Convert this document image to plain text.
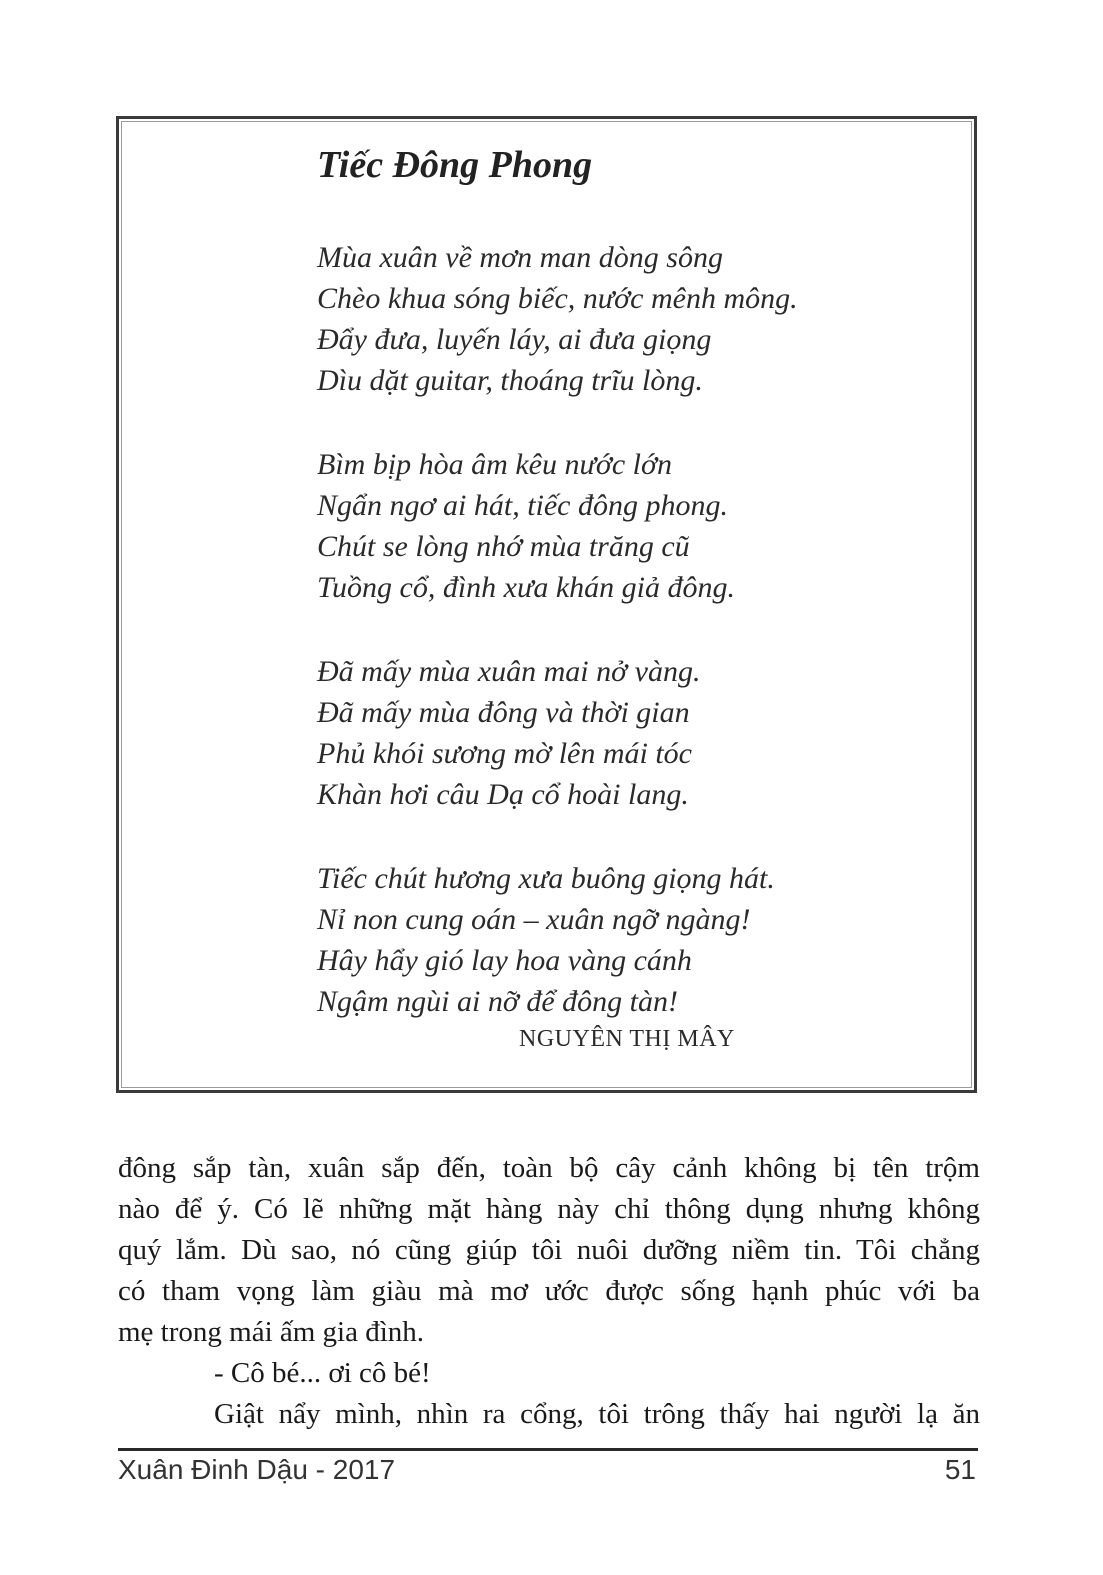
Tiếc Đông Phong
Mùa xuân về mơn man dòng sông
Chèo khua sóng biếc, nước mênh mông.
Đẩy đưa, luyến láy, ai đưa giọng
Dìu dặt guitar, thoáng trĩu lòng.
Bìm bịp hòa âm kêu nước lớn
Ngẩn ngơ ai hát, tiếc đông phong.
Chút se lòng nhớ mùa trăng cũ
Tuồng cổ, đình xưa khán giả đông.
Đã mấy mùa xuân mai nở vàng.
Đã mấy mùa đông và thời gian
Phủ khói sương mờ lên mái tóc
Khàn hơi câu Dạ cổ hoài lang.
Tiếc chút hương xưa buông giọng hát.
Nỉ non cung oán – xuân ngỡ ngàng!
Hây hẩy gió lay hoa vàng cánh
Ngậm ngùi ai nỡ để đông tàn!
NGUYÊN THỊ MÂY
đông sắp tàn, xuân sắp đến, toàn bộ cây cảnh không bị tên trộm
nào để ý. Có lẽ những mặt hàng này chỉ thông dụng nhưng không
quý lắm. Dù sao, nó cũng giúp tôi nuôi dưỡng niềm tin. Tôi chẳng
có tham vọng làm giàu mà mơ ước được sống hạnh phúc với ba
mẹ trong mái ấm gia đình.
- Cô bé... ơi cô bé!
Giật nẩy mình, nhìn ra cổng, tôi trông thấy hai người lạ ăn
Xuân Đinh Dậu - 2017	51
